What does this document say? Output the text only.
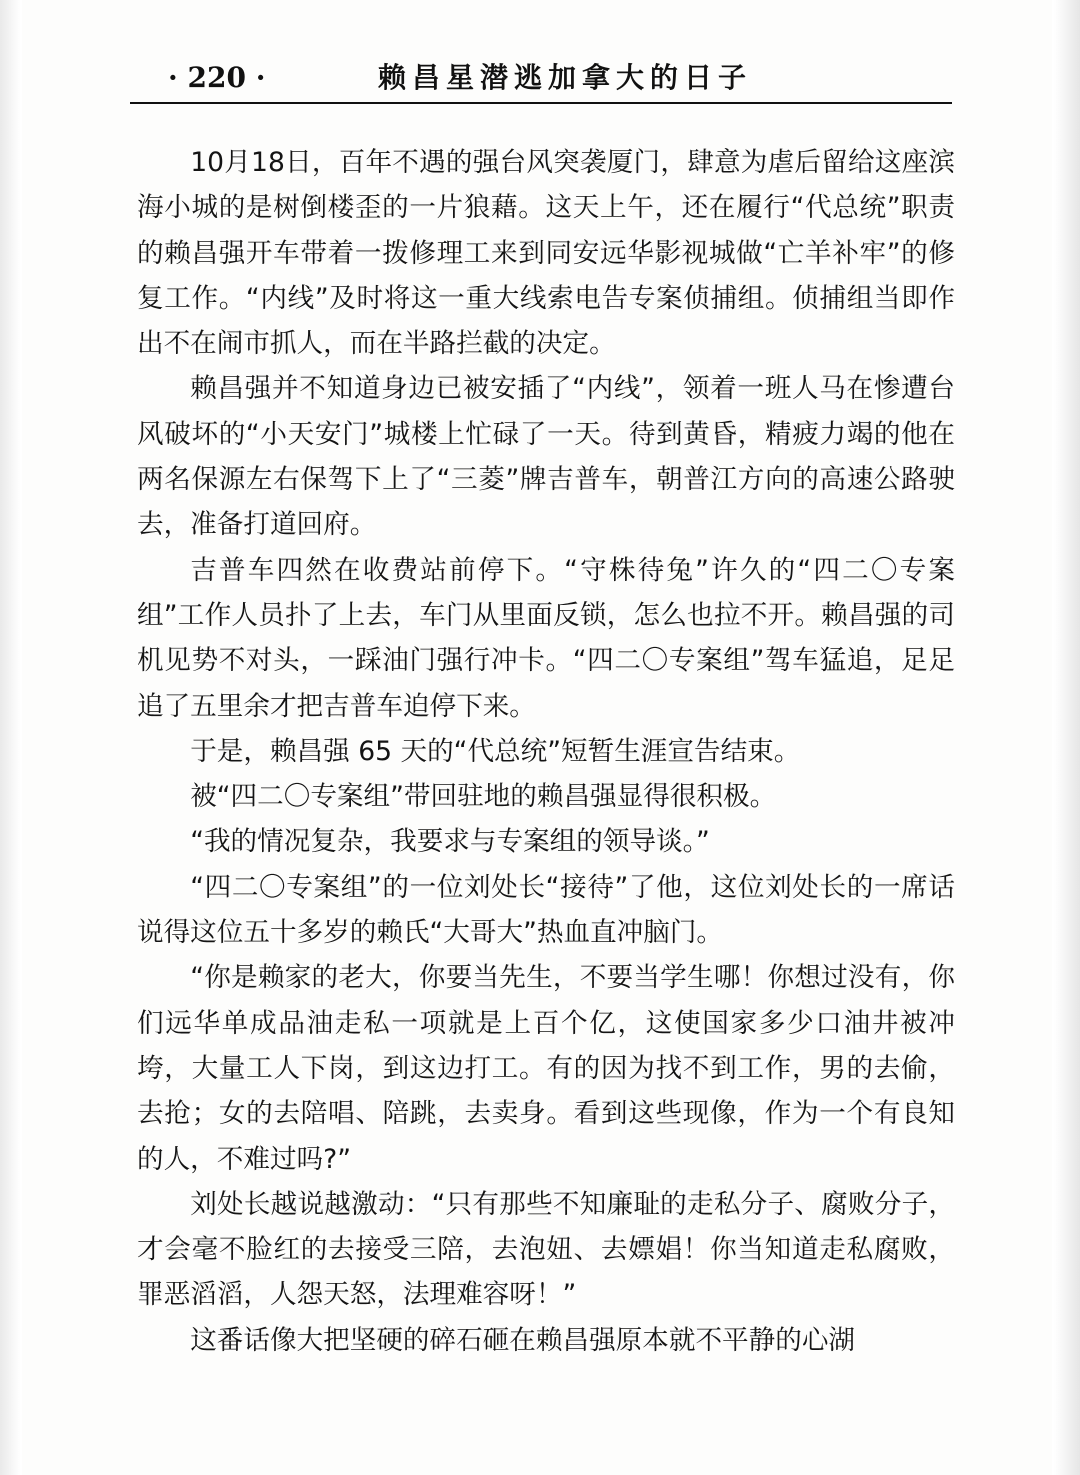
· 220 ·	赖昌星潜逃加拿大的日子

10月18日，百年不遇的强台风突袭厦门，肆意为虐后留给这座滨海小城的是树倒楼歪的一片狼藉。这天上午，还在履行“代总统”职责的赖昌强开车带着一拨修理工来到同安远华影视城做“亡羊补牢”的修复工作。“内线”及时将这一重大线索电告专案侦捕组。侦捕组当即作出不在闹市抓人，而在半路拦截的决定。

赖昌强并不知道身边已被安插了“内线”，领着一班人马在惨遭台风破坏的“小天安门”城楼上忙碌了一天。待到黄昏，精疲力竭的他在两名保源左右保驾下上了“三菱”牌吉普车，朝普江方向的高速公路驶去，准备打道回府。

吉普车四然在收费站前停下。“守株待兔”许久的“四二〇专案组”工作人员扑了上去，车门从里面反锁，怎么也拉不开。赖昌强的司机见势不对头，一踩油门强行冲卡。“四二〇专案组”驾车猛追，足足追了五里余才把吉普车迫停下来。

于是，赖昌强 65 天的“代总统”短暂生涯宣告结束。

被“四二〇专案组”带回驻地的赖昌强显得很积极。

“我的情况复杂，我要求与专案组的领导谈。”

“四二〇专案组”的一位刘处长“接待”了他，这位刘处长的一席话说得这位五十多岁的赖氏“大哥大”热血直冲脑门。

“你是赖家的老大，你要当先生，不要当学生哪！你想过没有，你们远华单成品油走私一项就是上百个亿，这使国家多少口油井被冲垮，大量工人下岗，到这边打工。有的因为找不到工作，男的去偷，去抢；女的去陪唱、陪跳，去卖身。看到这些现像，作为一个有良知的人，不难过吗?”

刘处长越说越激动：“只有那些不知廉耻的走私分子、腐败分子，才会毫不脸红的去接受三陪，去泡妞、去嫖娼！你当知道走私腐败，罪恶滔滔，人怨天怒，法理难容呀！”

这番话像大把坚硬的碎石砸在赖昌强原本就不平静的心湖
